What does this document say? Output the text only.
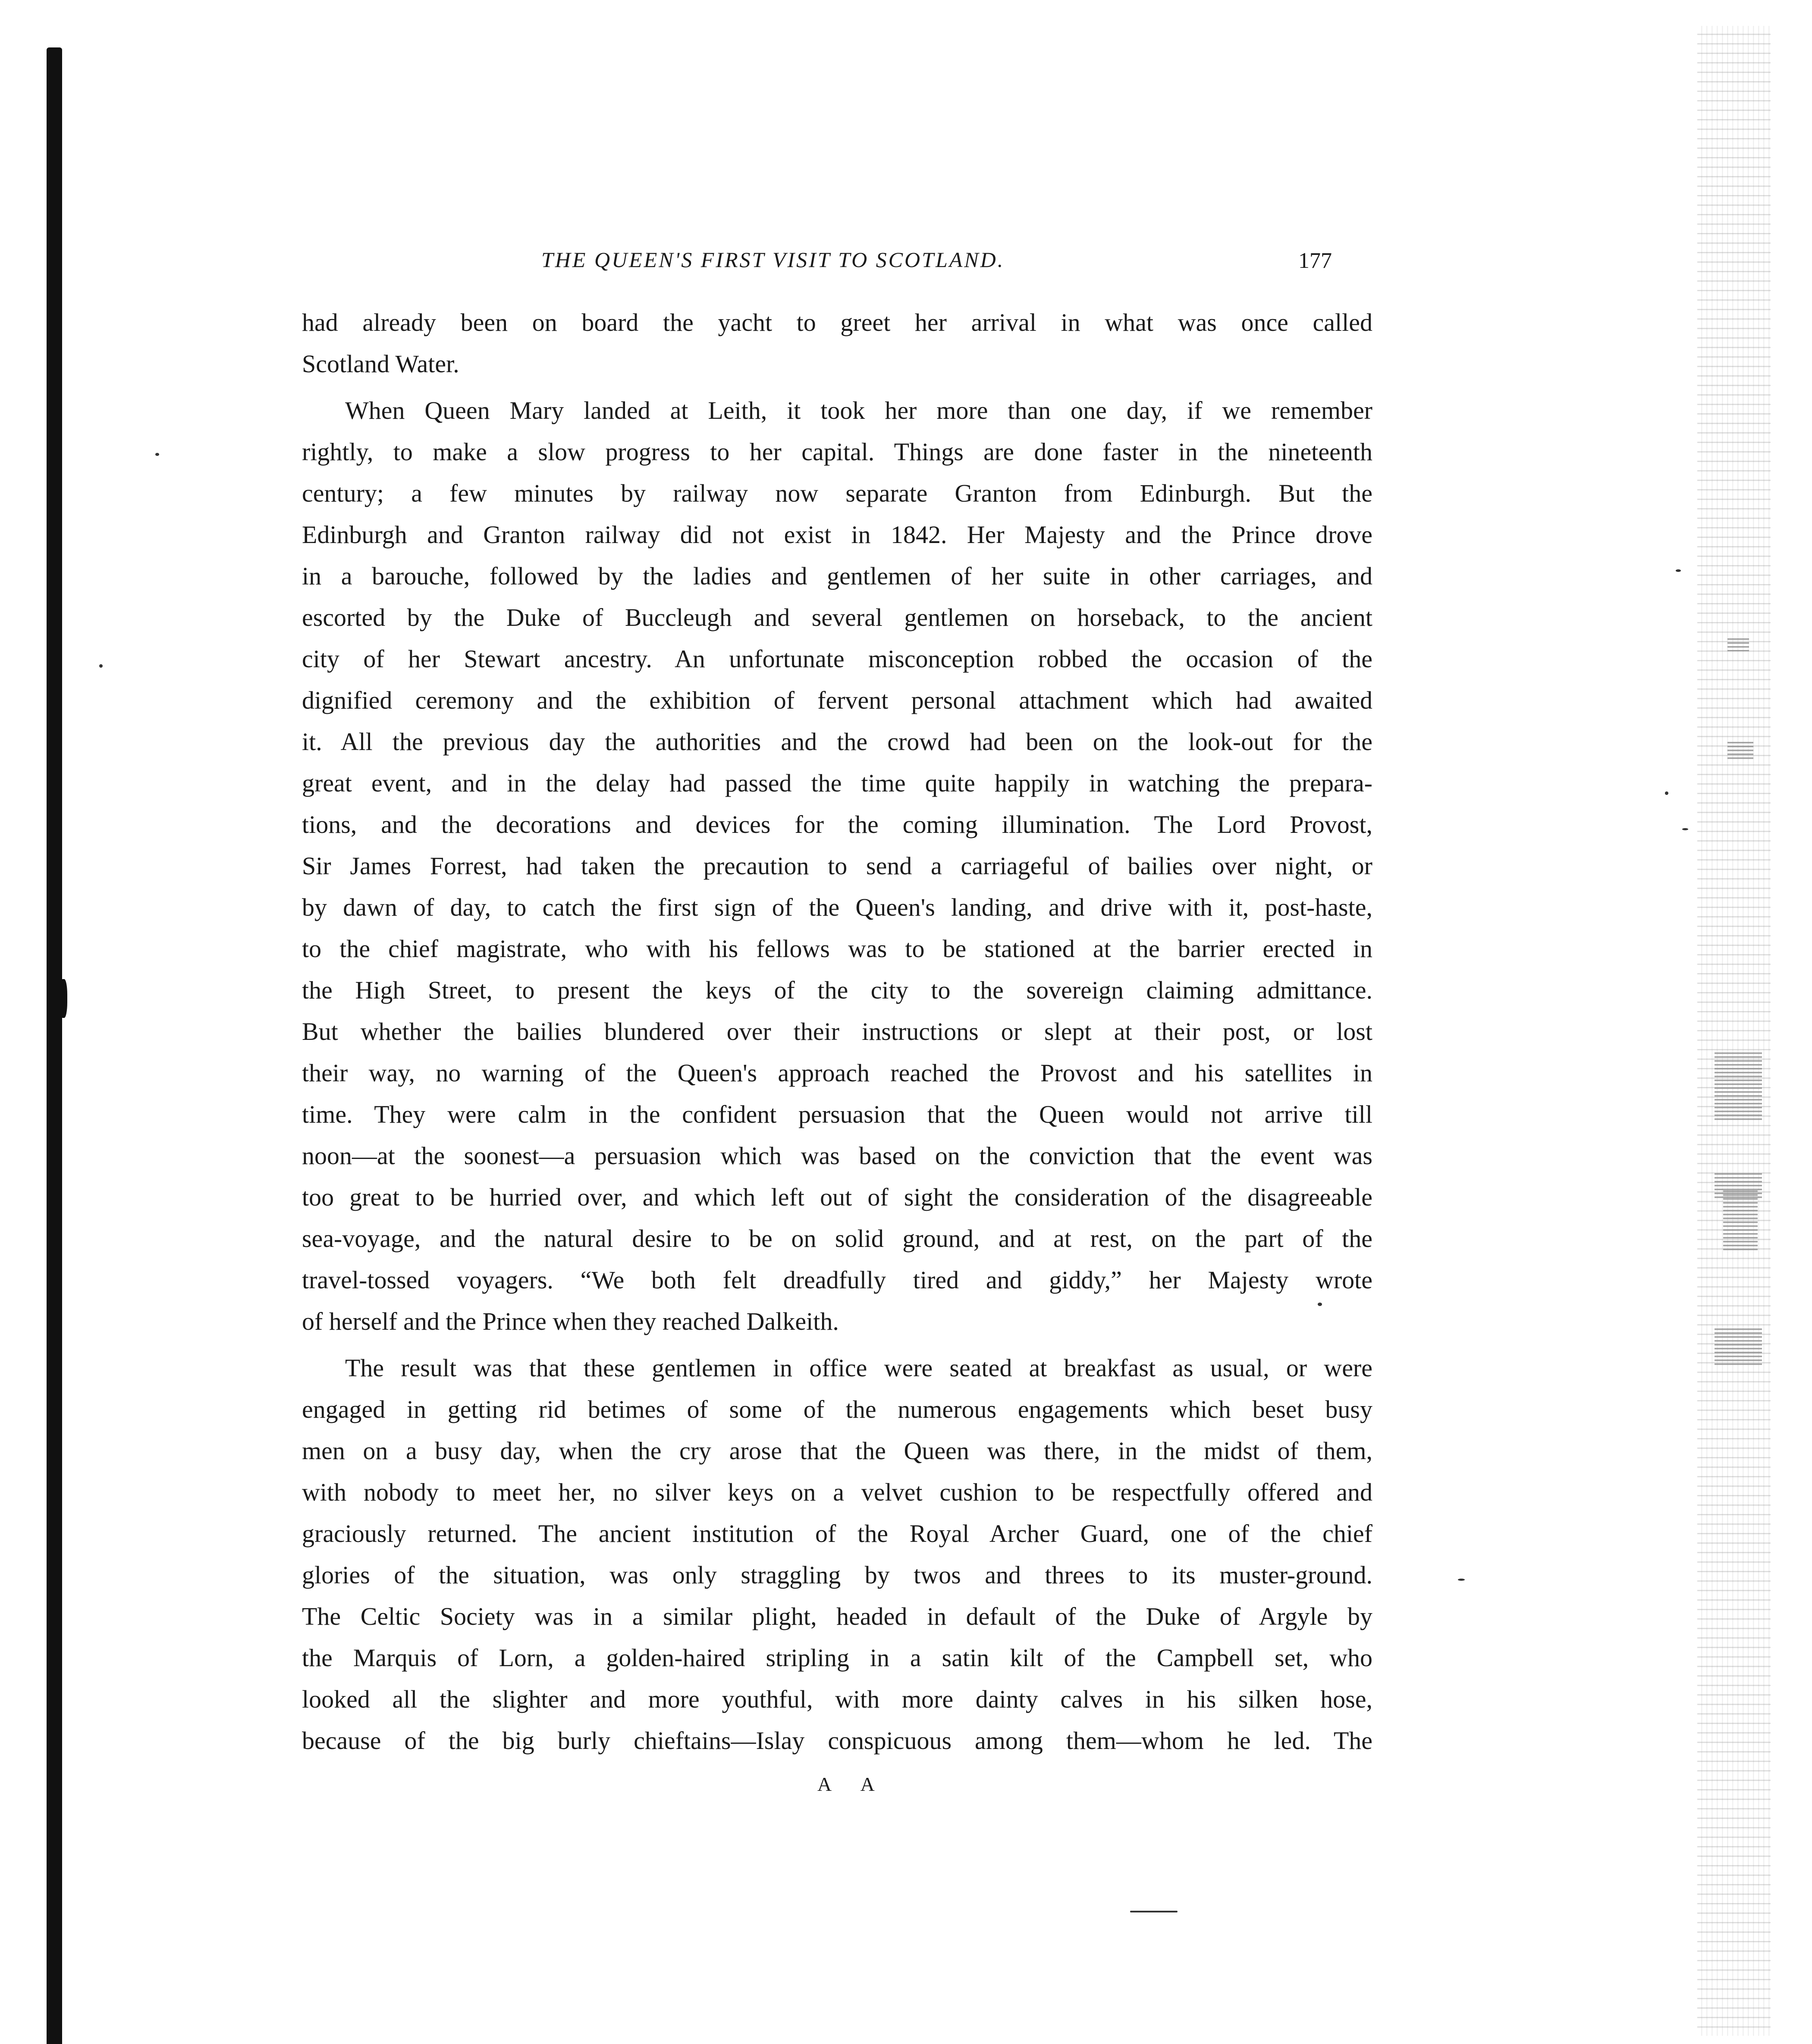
THE QUEEN'S FIRST VISIT TO SCOTLAND.	177
had already been on board the yacht to greet her arrival in what was once called
Scotland Water.
When Queen Mary landed at Leith, it took her more than one day, if we remember
rightly, to make a slow progress to her capital. Things are done faster in the nineteenth
century; a few minutes by railway now separate Granton from Edinburgh. But the
Edinburgh and Granton railway did not exist in 1842. Her Majesty and the Prince drove
in a barouche, followed by the ladies and gentlemen of her suite in other carriages, and
escorted by the Duke of Buccleugh and several gentlemen on horseback, to the ancient
city of her Stewart ancestry. An unfortunate misconception robbed the occasion of the
dignified ceremony and the exhibition of fervent personal attachment which had awaited
it. All the previous day the authorities and the crowd had been on the look-out for the
great event, and in the delay had passed the time quite happily in watching the prepara-
tions, and the decorations and devices for the coming illumination. The Lord Provost,
Sir James Forrest, had taken the precaution to send a carriageful of bailies over night, or
by dawn of day, to catch the first sign of the Queen's landing, and drive with it, post-haste,
to the chief magistrate, who with his fellows was to be stationed at the barrier erected in
the High Street, to present the keys of the city to the sovereign claiming admittance.
But whether the bailies blundered over their instructions or slept at their post, or lost
their way, no warning of the Queen's approach reached the Provost and his satellites in
time. They were calm in the confident persuasion that the Queen would not arrive till
noon—at the soonest—a persuasion which was based on the conviction that the event was
too great to be hurried over, and which left out of sight the consideration of the disagreeable
sea-voyage, and the natural desire to be on solid ground, and at rest, on the part of the
travel-tossed voyagers. “We both felt dreadfully tired and giddy,” her Majesty wrote
of herself and the Prince when they reached Dalkeith.
The result was that these gentlemen in office were seated at breakfast as usual, or were
engaged in getting rid betimes of some of the numerous engagements which beset busy
men on a busy day, when the cry arose that the Queen was there, in the midst of them,
with nobody to meet her, no silver keys on a velvet cushion to be respectfully offered and
graciously returned. The ancient institution of the Royal Archer Guard, one of the chief
glories of the situation, was only straggling by twos and threes to its muster-ground.
The Celtic Society was in a similar plight, headed in default of the Duke of Argyle by
the Marquis of Lorn, a golden-haired stripling in a satin kilt of the Campbell set, who
looked all the slighter and more youthful, with more dainty calves in his silken hose,
because of the big burly chieftains—Islay conspicuous among them—whom he led. The
A A
